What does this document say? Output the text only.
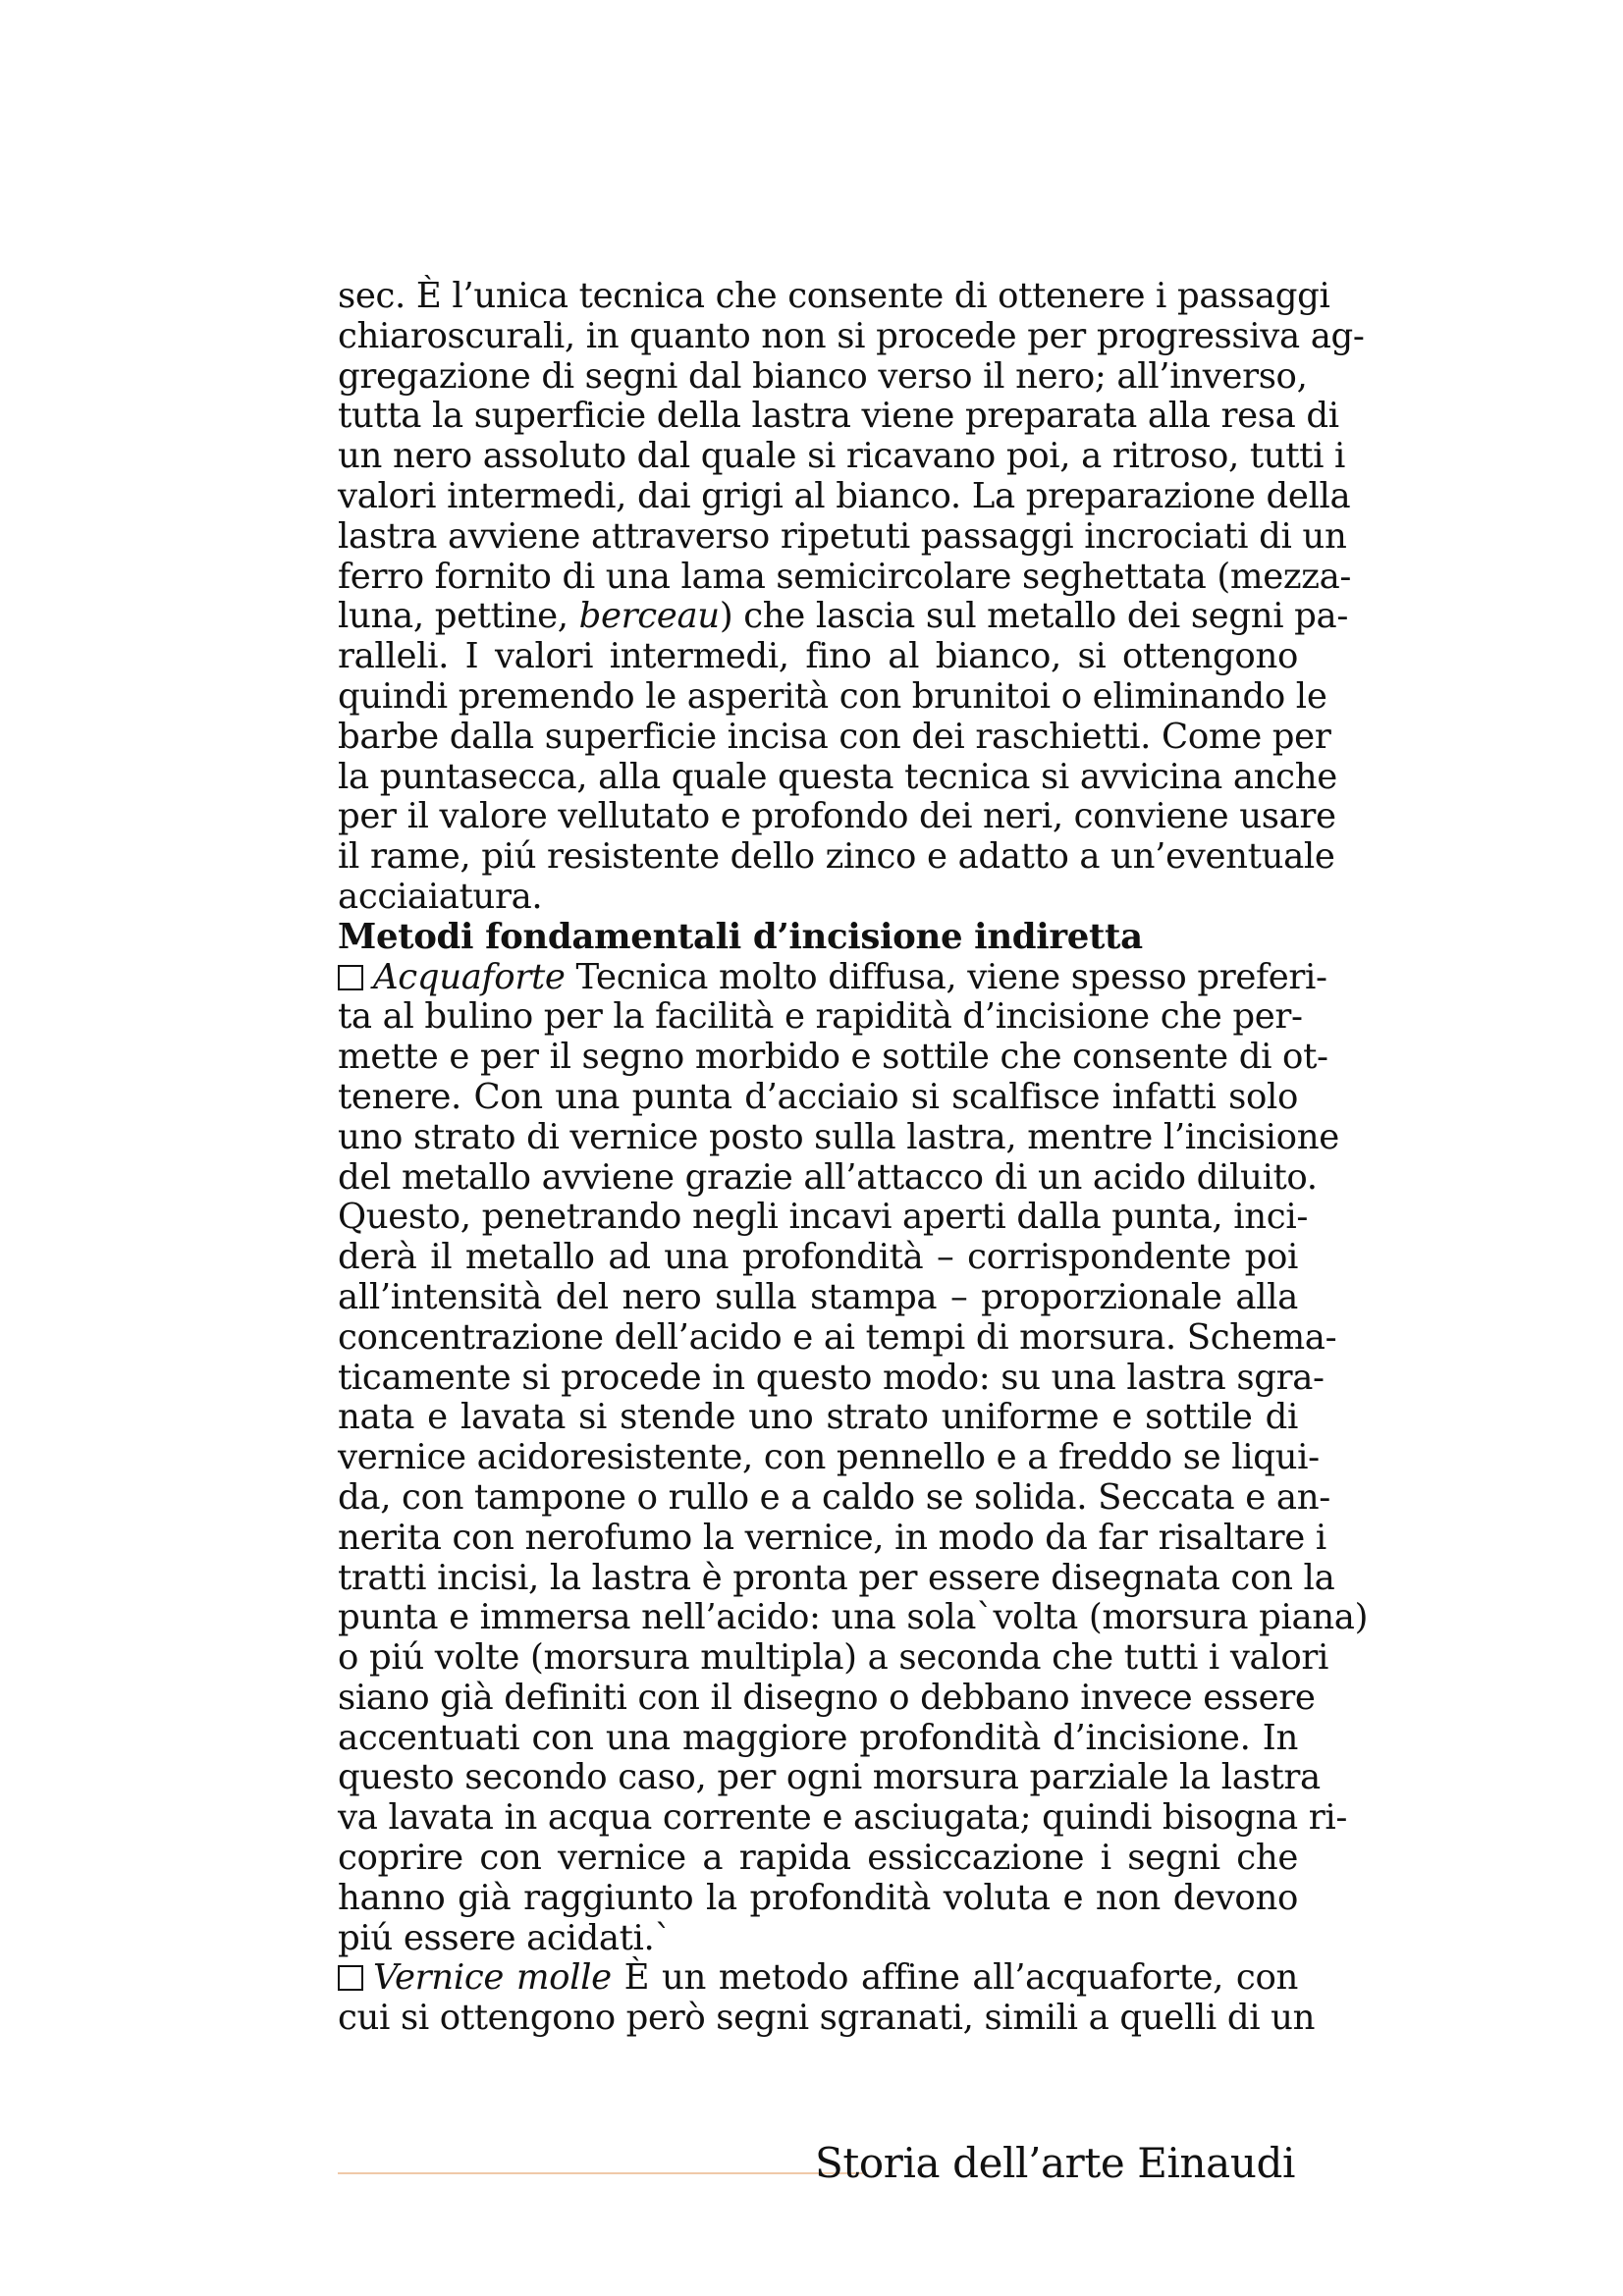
sec. È l’unica tecnica che consente di ottenere i passaggi
chiaroscurali, in quanto non si procede per progressiva ag-
gregazione di segni dal bianco verso il nero; all’inverso,
tutta la superficie della lastra viene preparata alla resa di
un nero assoluto dal quale si ricavano poi, a ritroso, tutti i
valori intermedi, dai grigi al bianco. La preparazione della
lastra avviene attraverso ripetuti passaggi incrociati di un
ferro fornito di una lama semicircolare seghettata (mezza-
luna, pettine, berceau) che lascia sul metallo dei segni pa-
ralleli. I valori intermedi, fino al bianco, si ottengono
quindi premendo le asperità con brunitoi o eliminando le
barbe dalla superficie incisa con dei raschietti. Come per
la puntasecca, alla quale questa tecnica si avvicina anche
per il valore vellutato e profondo dei neri, conviene usare
il rame, piú resistente dello zinco e adatto a un’eventuale
acciaiatura.
Metodi fondamentali d’incisione indiretta
Acquaforte Tecnica molto diffusa, viene spesso preferi-
ta al bulino per la facilità e rapidità d’incisione che per-
mette e per il segno morbido e sottile che consente di ot-
tenere. Con una punta d’acciaio si scalfisce infatti solo
uno strato di vernice posto sulla lastra, mentre l’incisione
del metallo avviene grazie all’attacco di un acido diluito.
Questo, penetrando negli incavi aperti dalla punta, inci-
derà il metallo ad una profondità – corrispondente poi
all’intensità del nero sulla stampa – proporzionale alla
concentrazione dell’acido e ai tempi di morsura. Schema-
ticamente si procede in questo modo: su una lastra sgra-
nata e lavata si stende uno strato uniforme e sottile di
vernice acidoresistente, con pennello e a freddo se liqui-
da, con tampone o rullo e a caldo se solida. Seccata e an-
nerita con nerofumo la vernice, in modo da far risaltare i
tratti incisi, la lastra è pronta per essere disegnata con la
punta e immersa nell’acido: una sola`volta (morsura piana)
o piú volte (morsura multipla) a seconda che tutti i valori
siano già definiti con il disegno o debbano invece essere
accentuati con una maggiore profondità d’incisione. In
questo secondo caso, per ogni morsura parziale la lastra
va lavata in acqua corrente e asciugata; quindi bisogna ri-
coprire con vernice a rapida essiccazione i segni che
hanno già raggiunto la profondità voluta e non devono
piú essere acidati.`
Vernice molle È un metodo affine all’acquaforte, con
cui si ottengono però segni sgranati, simili a quelli di un
Storia dell’arte Einaudi
